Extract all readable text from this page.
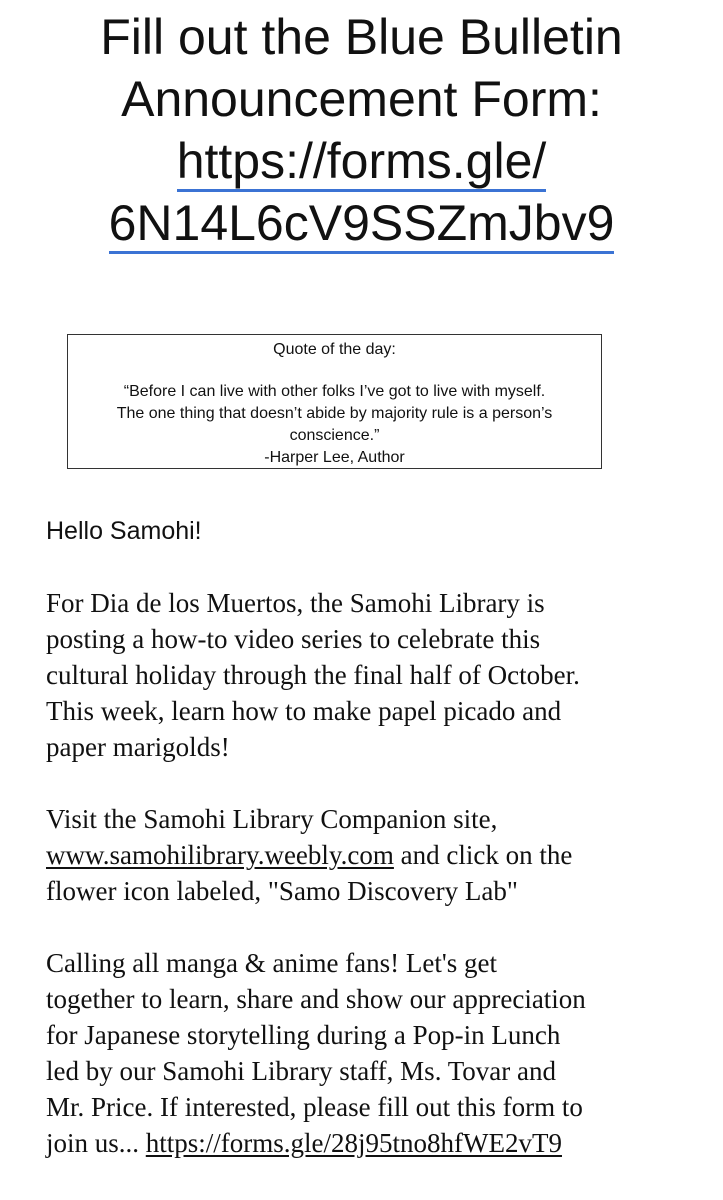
Fill out the Blue Bulletin
Announcement Form:
https://forms.gle/
6N14L6cV9SSZmJbv9
Quote of the day:
“Before I can live with other folks I’ve got to live with myself.
The one thing that doesn’t abide by majority rule is a person’s
conscience.”
-Harper Lee, Author

Hello Samohi!

For Dia de los Muertos, the Samohi Library is
posting a how-to video series to celebrate this
cultural holiday through the final half of October.
This week, learn how to make papel picado and
paper marigolds!

Visit the Samohi Library Companion site,
www.samohilibrary.weebly.com and click on the
flower icon labeled, "Samo Discovery Lab"

Calling all manga & anime fans! Let's get
together to learn, share and show our appreciation
for Japanese storytelling during a Pop-in Lunch
led by our Samohi Library staff, Ms. Tovar and
Mr. Price. If interested, please fill out this form to
join us... https://forms.gle/28j95tno8hfWE2vT9
